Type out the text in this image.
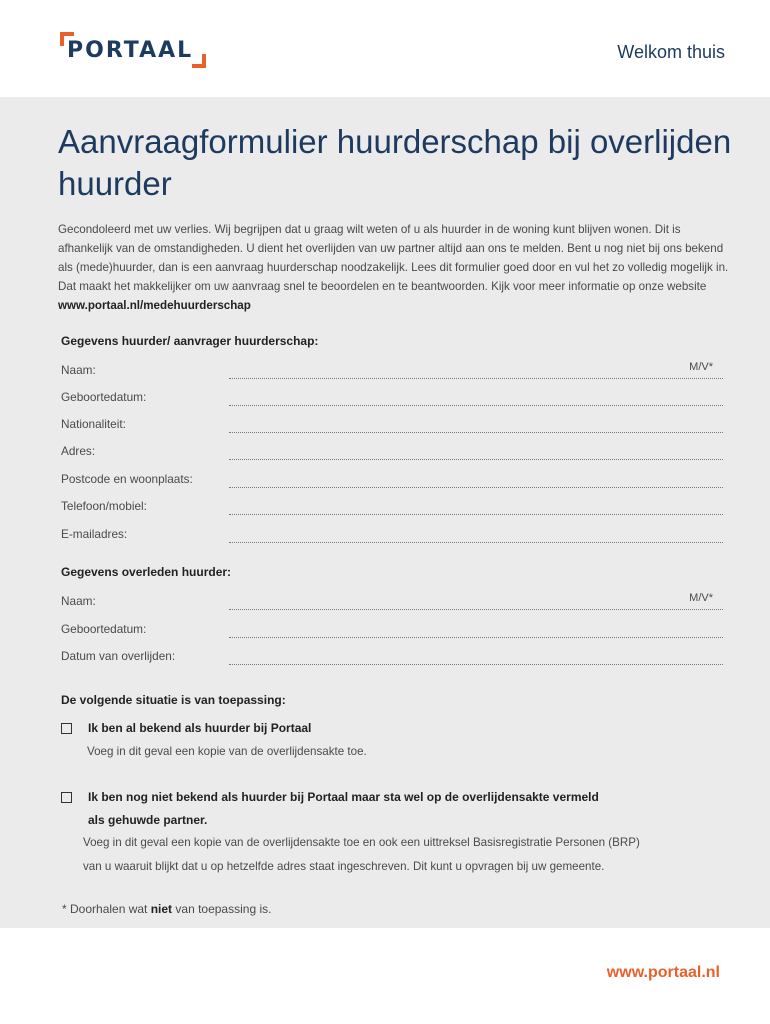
PORTAAL	Welkom thuis
Aanvraagformulier huurderschap bij overlijden huurder

Gecondoleerd met uw verlies. Wij begrijpen dat u graag wilt weten of u als huurder in de woning kunt blijven wonen. Dit is afhankelijk van de omstandigheden. U dient het overlijden van uw partner altijd aan ons te melden. Bent u nog niet bij ons bekend als (mede)huurder, dan is een aanvraag huurderschap noodzakelijk. Lees dit formulier goed door en vul het zo volledig mogelijk in. Dat maakt het makkelijker om uw aanvraag snel te beoordelen en te beantwoorden. Kijk voor meer informatie op onze website www.portaal.nl/medehuurderschap

Gegevens huurder/ aanvrager huurderschap:
Naam:	M/V*
Geboortedatum:
Nationaliteit:
Adres:
Postcode en woonplaats:
Telefoon/mobiel:
E-mailadres:
Gegevens overleden huurder:
Naam:	M/V*
Geboortedatum:
Datum van overlijden:
De volgende situatie is van toepassing:
Ik ben al bekend als huurder bij Portaal
Voeg in dit geval een kopie van de overlijdensakte toe.
Ik ben nog niet bekend als huurder bij Portaal maar sta wel op de overlijdensakte vermeld
als gehuwde partner.
Voeg in dit geval een kopie van de overlijdensakte toe en ook een uittreksel Basisregistratie Personen (BRP)
van u waaruit blijkt dat u op hetzelfde adres staat ingeschreven. Dit kunt u opvragen bij uw gemeente.
* Doorhalen wat niet van toepassing is.
www.portaal.nl
